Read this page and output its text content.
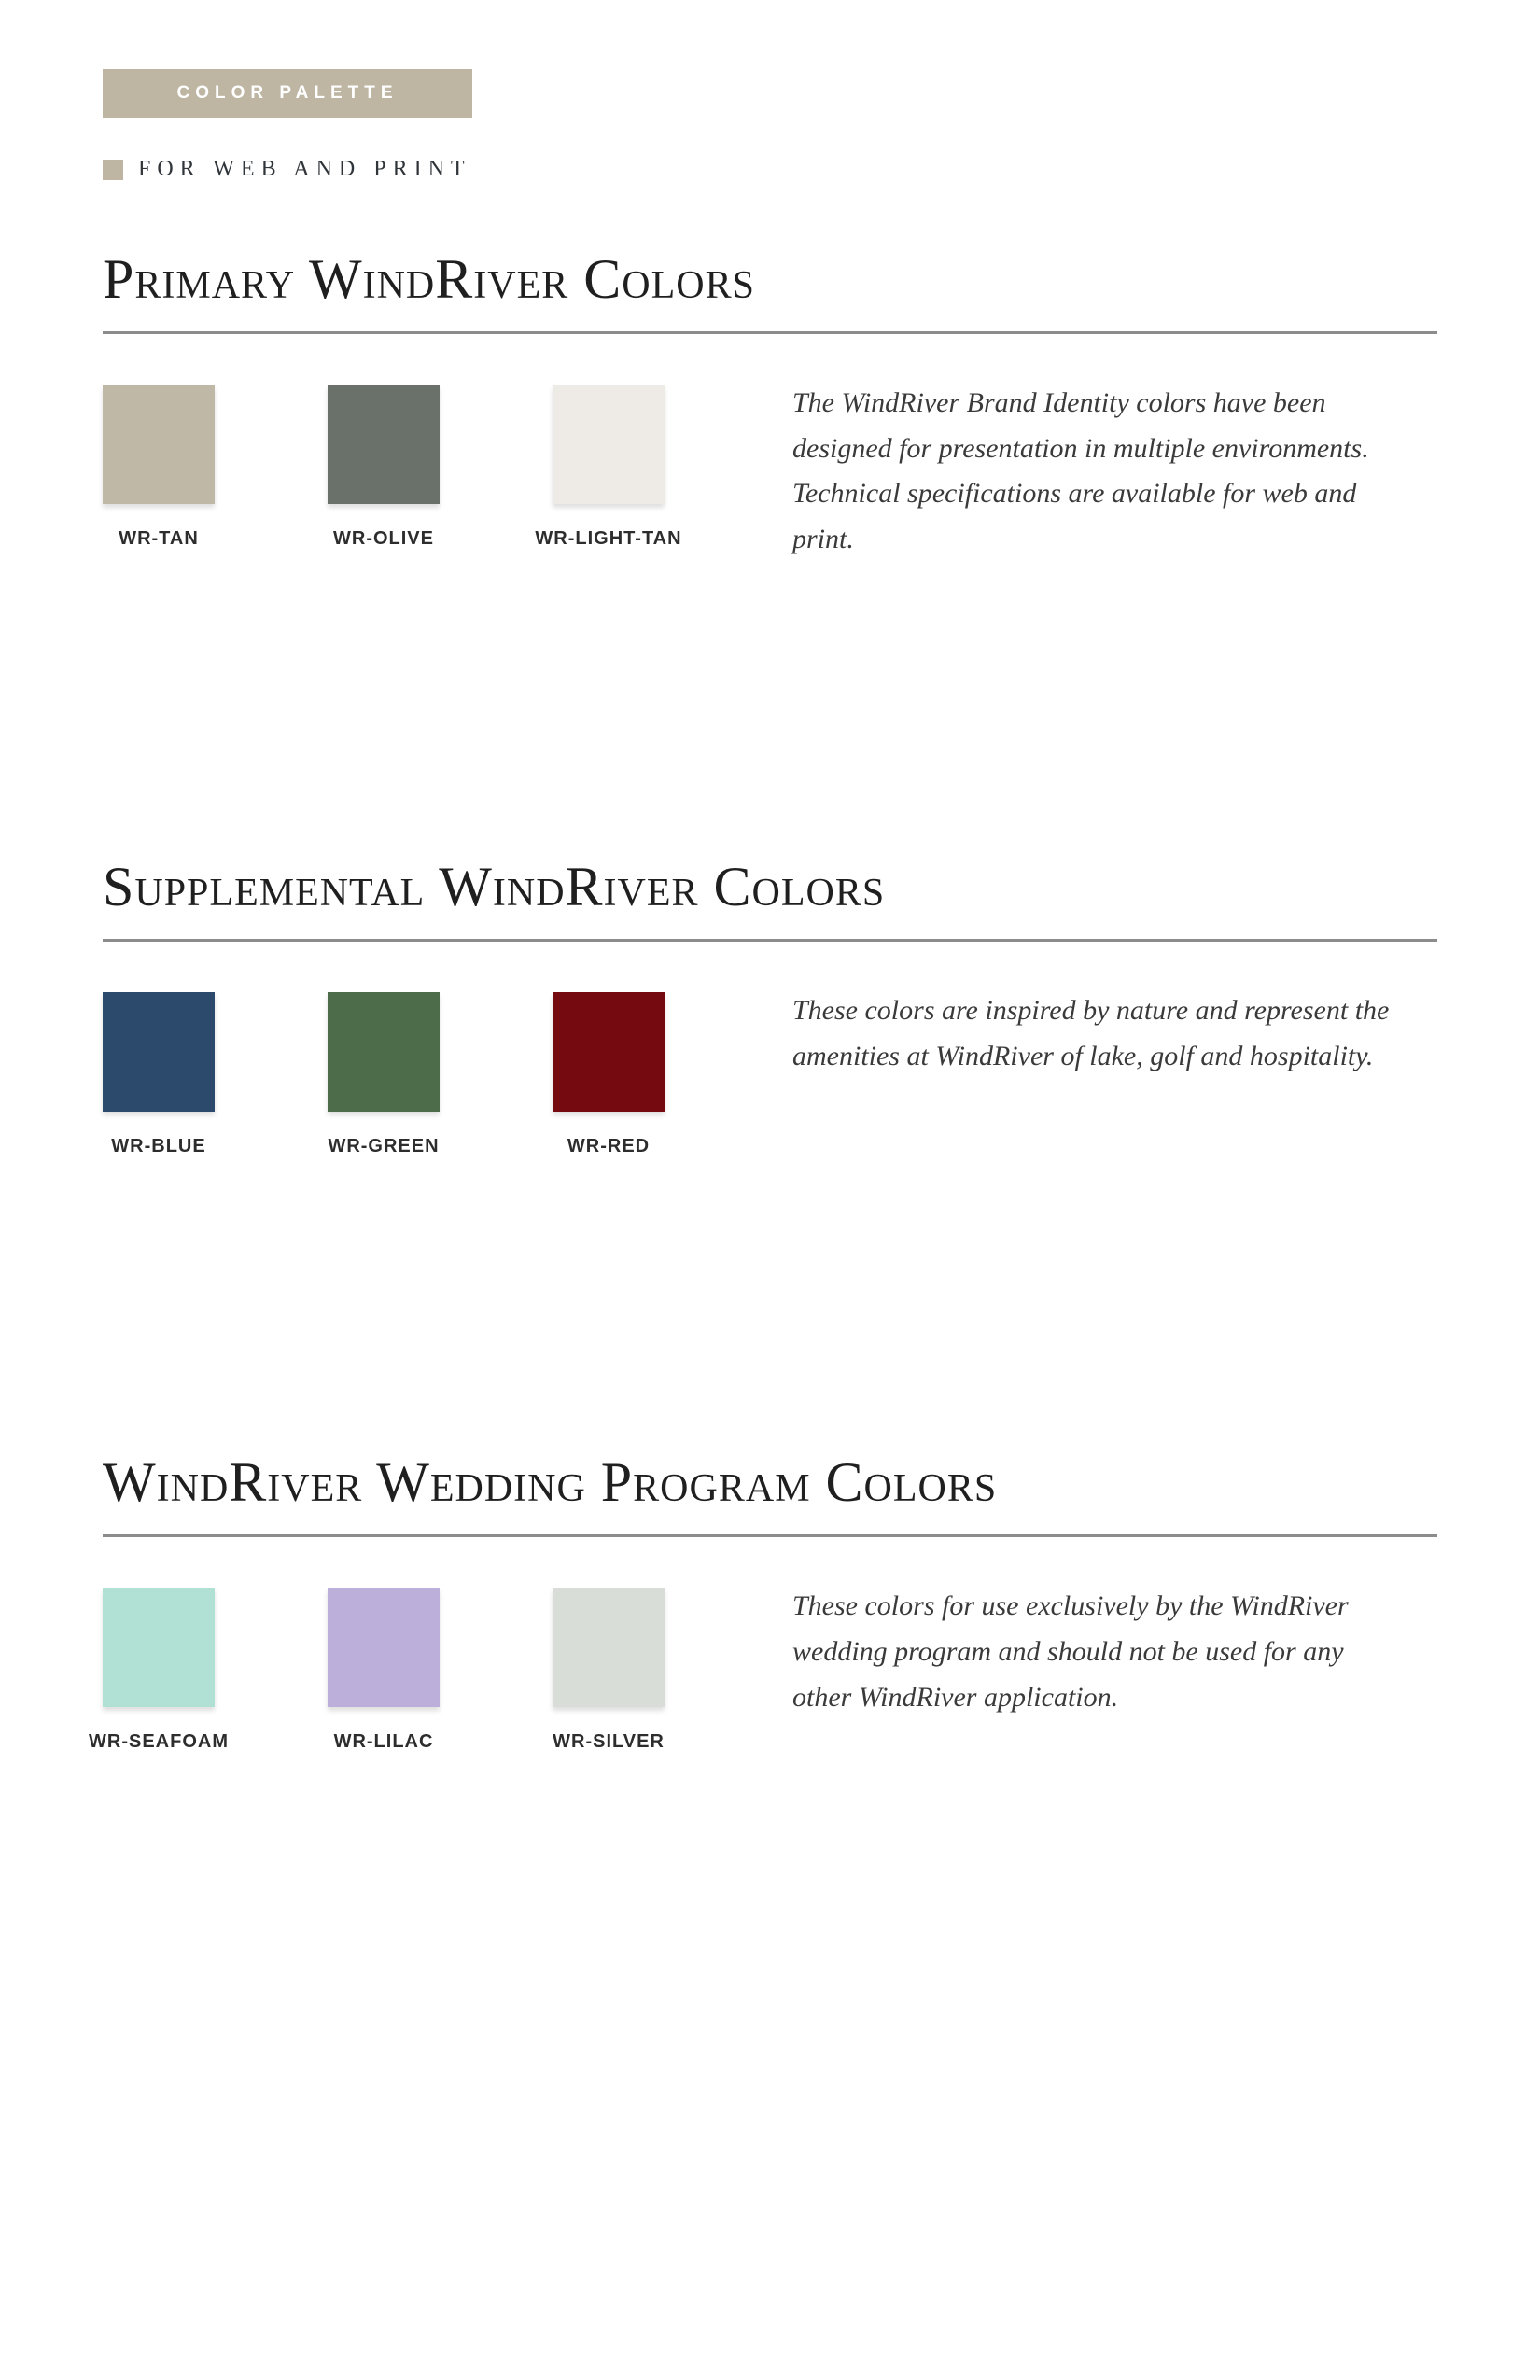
COLOR PALETTE
FOR WEB AND PRINT
Primary WindRiver Colors
WR-TAN	WR-OLIVE	WR-LIGHT-TAN

The WindRiver Brand Identity colors have been designed for presentation in multiple environments.  Technical specifications are available for web and print.

Supplemental WindRiver Colors
WR-BLUE	WR-GREEN	WR-RED

These colors are inspired by nature and represent the amenities at WindRiver of lake, golf and hospitality.

WindRiver Wedding Program Colors
WR-SEAFOAM	WR-LILAC	WR-SILVER

These colors for use exclusively by the WindRiver wedding program and should not be used for any other WindRiver application.
